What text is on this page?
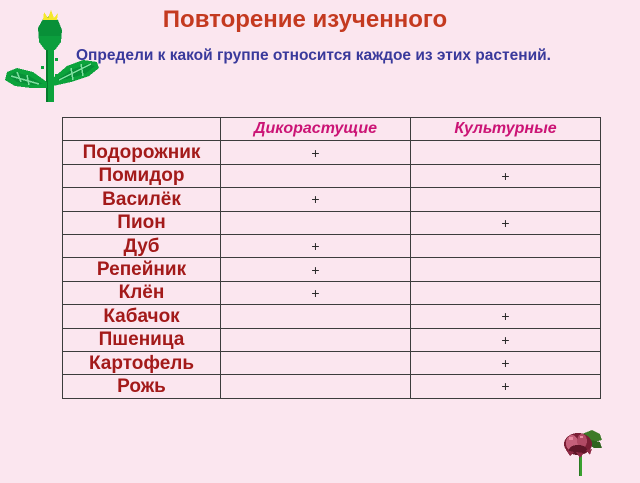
Повторение изученного
Определи к какой группе относится каждое из этих растений.
	Дикорастущие	Культурные
Подорожник	+	
Помидор		+
Василёк	+	
Пион		+
Дуб	+	
Репейник	+	
Клён	+	
Кабачок		+
Пшеница		+
Картофель		+
Рожь		+
